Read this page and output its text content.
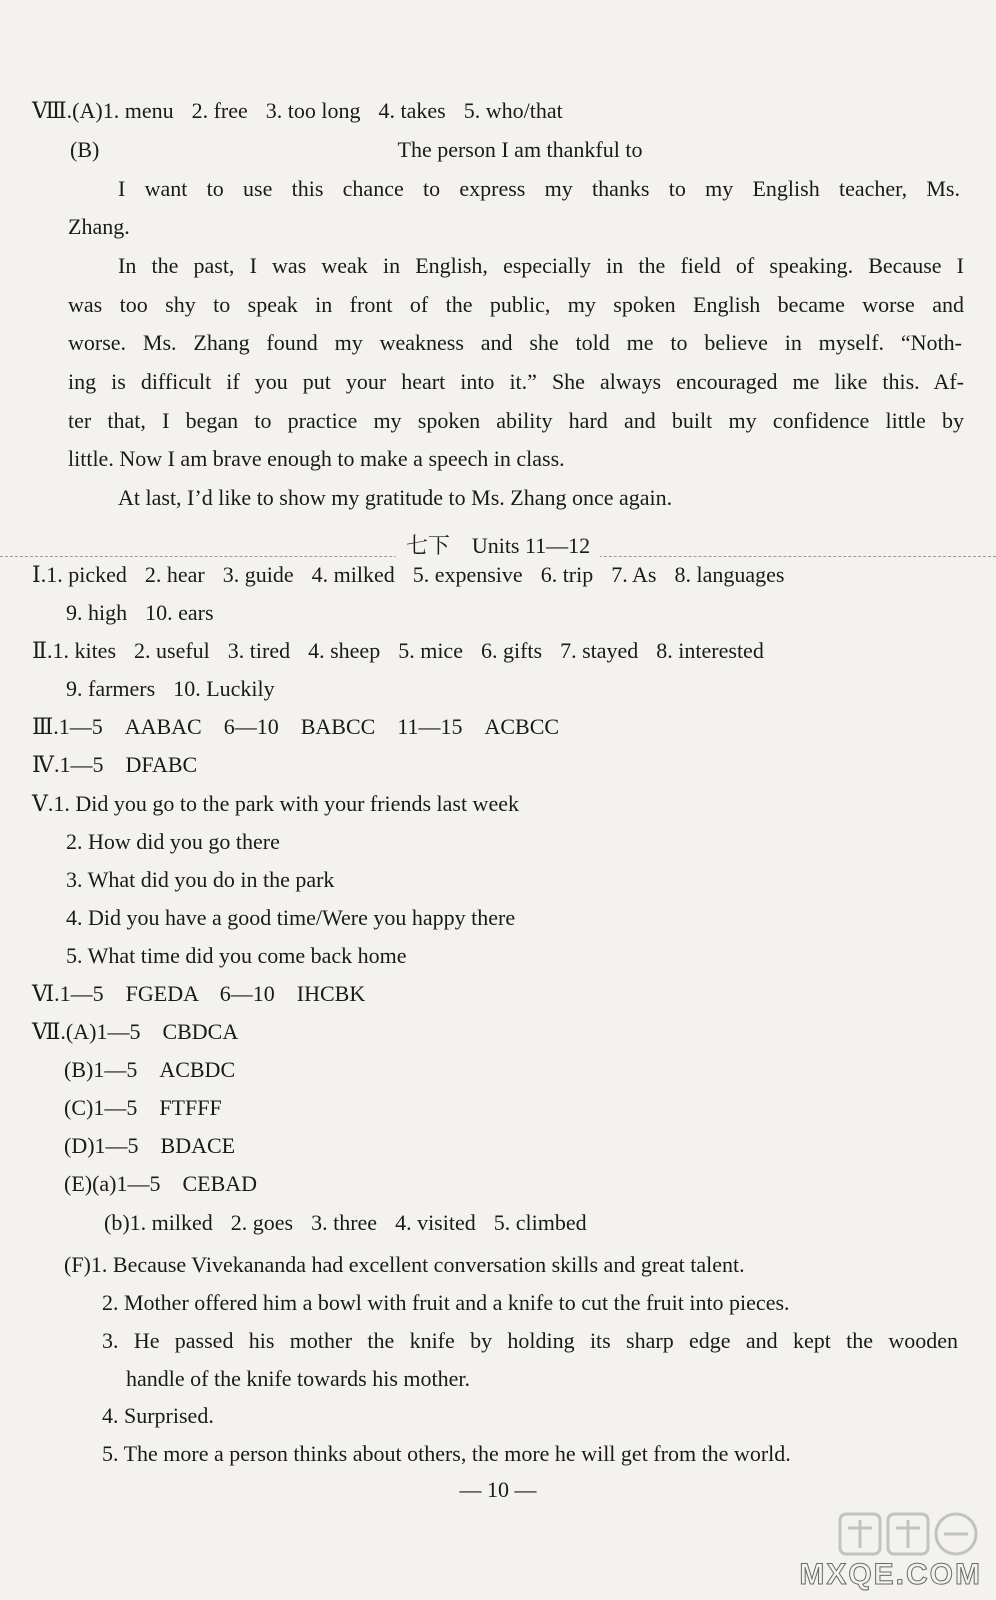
Ⅷ.(A)1. menu 2. free 3. too long 4. takes 5. who/that
(B)	The person I am thankful to
I want to use this chance to express my thanks to my English teacher, Ms.
Zhang.
In the past, I was weak in English, especially in the field of speaking. Because I
was too shy to speak in front of the public, my spoken English became worse and
worse. Ms. Zhang found my weakness and she told me to believe in myself. “Noth-
ing is difficult if you put your heart into it.” She always encouraged me like this. Af-
ter that, I began to practice my spoken ability hard and built my confidence little by
little. Now I am brave enough to make a speech in class.
At last, I’d like to show my gratitude to Ms. Zhang once again.
七下　Units 11—12
Ⅰ.1. picked 2. hear 3. guide 4. milked 5. expensive 6. trip 7. As 8. languages
9. high 10. ears
Ⅱ.1. kites 2. useful 3. tired 4. sheep 5. mice 6. gifts 7. stayed 8. interested
9. farmers 10. Luckily
Ⅲ.1—5　AABAC　6—10　BABCC　11—15　ACBCC
Ⅳ.1—5　DFABC
Ⅴ.1. Did you go to the park with your friends last week
2. How did you go there
3. What did you do in the park
4. Did you have a good time/Were you happy there
5. What time did you come back home
Ⅵ.1—5　FGEDA　6—10　IHCBK
Ⅶ.(A)1—5　CBDCA
(B)1—5　ACBDC
(C)1—5　FTFFF
(D)1—5　BDACE
(E)(a)1—5　CEBAD
(b)1. milked 2. goes 3. three 4. visited 5. climbed
(F)1. Because Vivekananda had excellent conversation skills and great talent.
2. Mother offered him a bowl with fruit and a knife to cut the fruit into pieces.
3. He passed his mother the knife by holding its sharp edge and kept the wooden
handle of the knife towards his mother.
4. Surprised.
5. The more a person thinks about others, the more he will get from the world.
— 10 —
MXQE.COM
